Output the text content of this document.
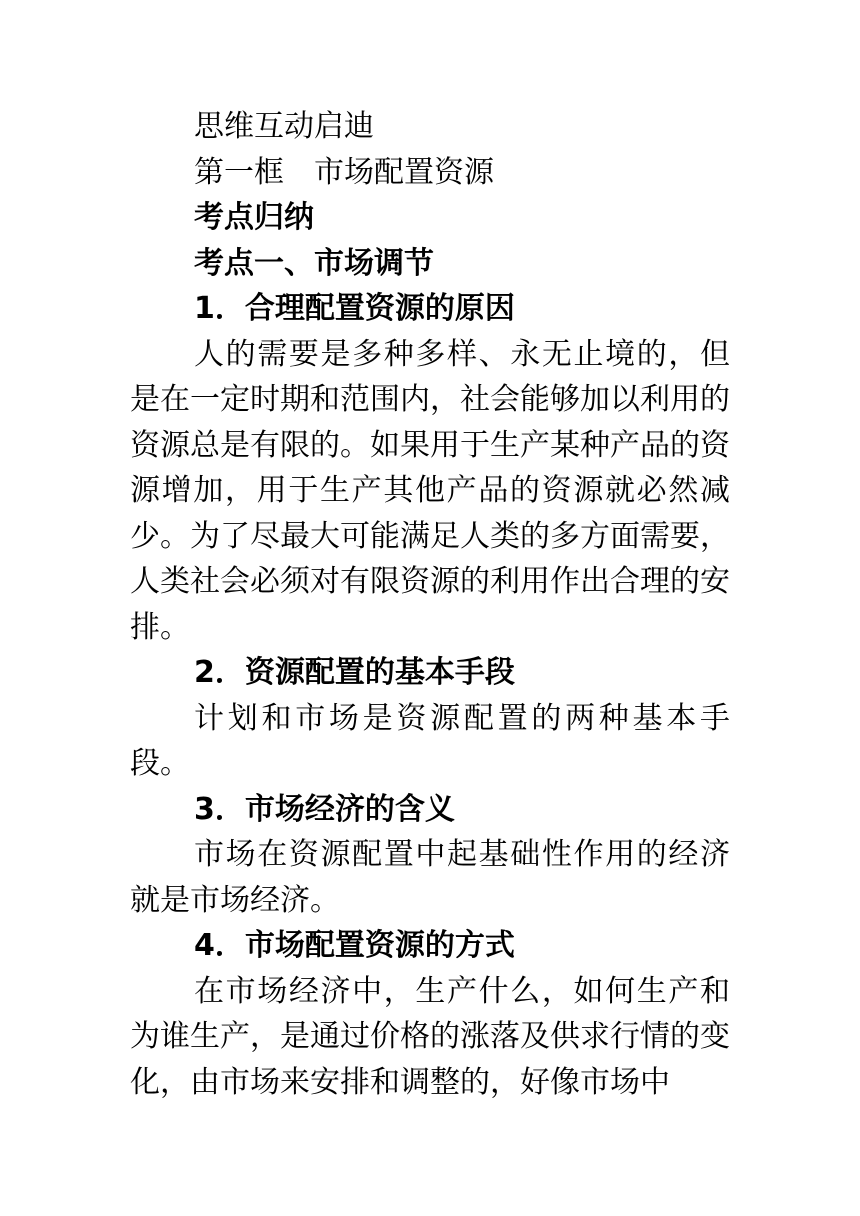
思维互动启迪

第一框　市场配置资源

考点归纳

考点一、市场调节

1．合理配置资源的原因

人的需要是多种多样、永无止境的，但是在一定时期和范围内，社会能够加以利用的资源总是有限的。如果用于生产某种产品的资源增加，用于生产其他产品的资源就必然减少。为了尽最大可能满足人类的多方面需要，人类社会必须对有限资源的利用作出合理的安排。

2．资源配置的基本手段

计划和市场是资源配置的两种基本手段。

3．市场经济的含义

市场在资源配置中起基础性作用的经济就是市场经济。

4．市场配置资源的方式

在市场经济中，生产什么，如何生产和为谁生产，是通过价格的涨落及供求行情的变化，由市场来安排和调整的，好像市场中
